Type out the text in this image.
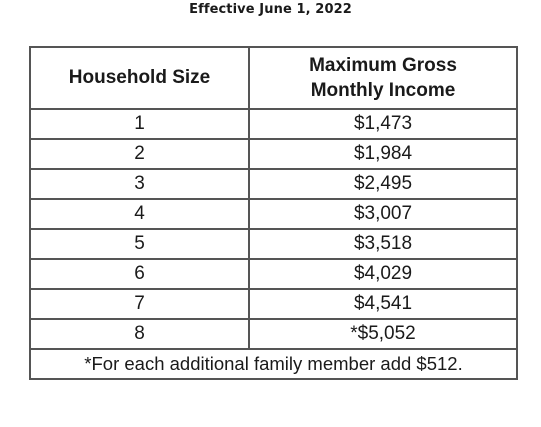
Effective June 1, 2022
Household Size	Maximum Gross
Monthly Income

1	$1,473
2	$1,984
3	$2,495
4	$3,007
5	$3,518
6	$4,029
7	$4,541
8	*$5,052
*For each additional family member add $512.	
